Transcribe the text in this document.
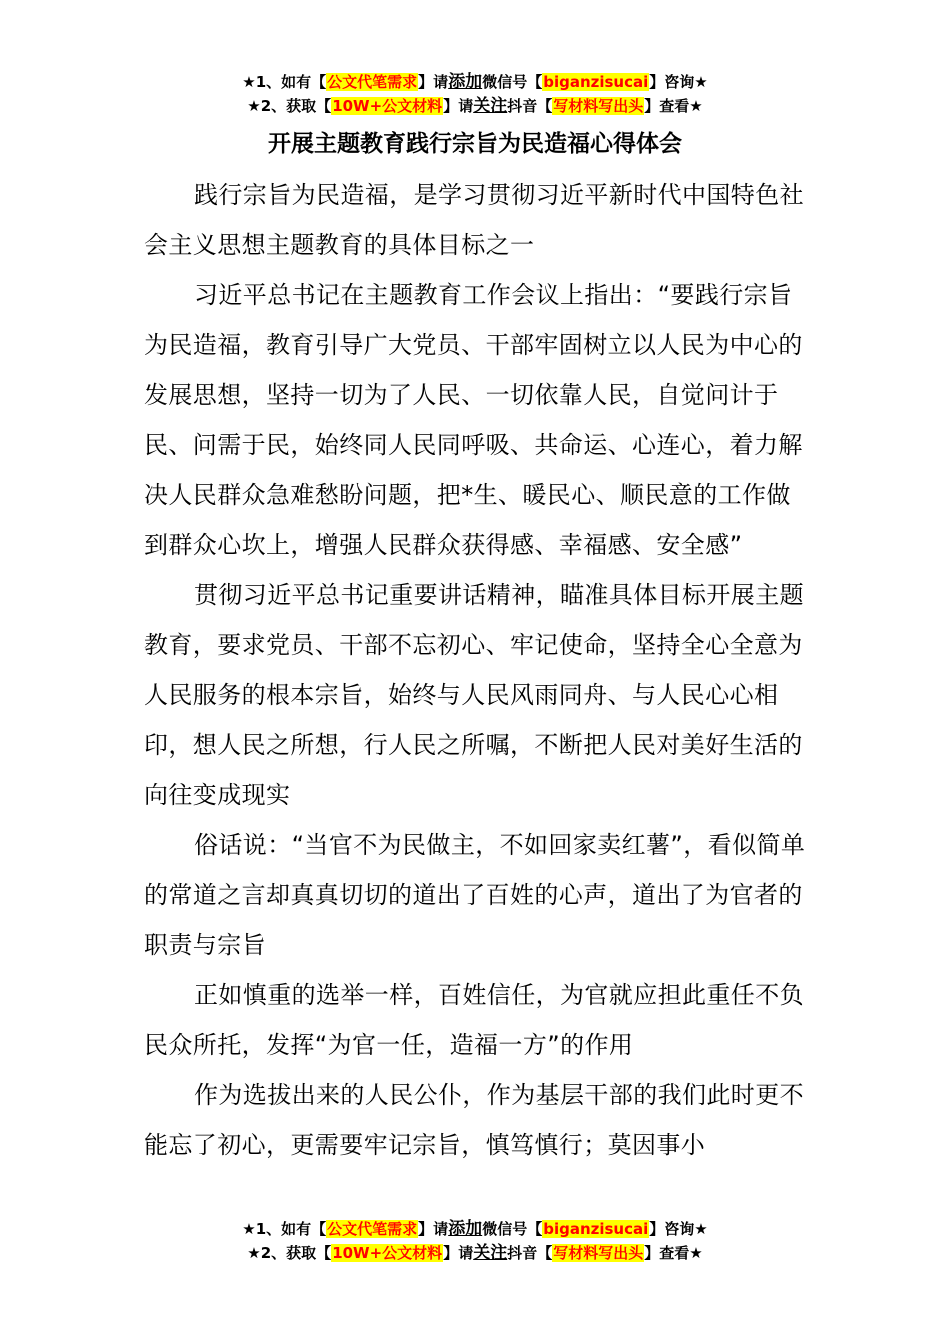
★1、如有【公文代笔需求】请添加微信号【biganzisucai】咨询★
★2、获取【10W+公文材料】请关注抖音【写材料写出头】查看★
开展主题教育践行宗旨为民造福心得体会

践行宗旨为民造福，是学习贯彻习近平新时代中国特色社会主义思想主题教育的具体目标之一

习近平总书记在主题教育工作会议上指出：“要践行宗旨为民造福，教育引导广大党员、干部牢固树立以人民为中心的发展思想，坚持一切为了人民、一切依靠人民，自觉问计于民、问需于民，始终同人民同呼吸、共命运、心连心，着力解决人民群众急难愁盼问题，把*生、暖民心、顺民意的工作做到群众心坎上，增强人民群众获得感、幸福感、安全感”

贯彻习近平总书记重要讲话精神，瞄准具体目标开展主题教育，要求党员、干部不忘初心、牢记使命，坚持全心全意为人民服务的根本宗旨，始终与人民风雨同舟、与人民心心相印，想人民之所想，行人民之所嘱，不断把人民对美好生活的向往变成现实

俗话说：“当官不为民做主，不如回家卖红薯”，看似简单的常道之言却真真切切的道出了百姓的心声，道出了为官者的职责与宗旨

正如慎重的选举一样，百姓信任，为官就应担此重任不负民众所托，发挥“为官一任，造福一方”的作用

作为选拔出来的人民公仆，作为基层干部的我们此时更不能忘了初心，更需要牢记宗旨，慎笃慎行；莫因事小

★1、如有【公文代笔需求】请添加微信号【biganzisucai】咨询★
★2、获取【10W+公文材料】请关注抖音【写材料写出头】查看★
